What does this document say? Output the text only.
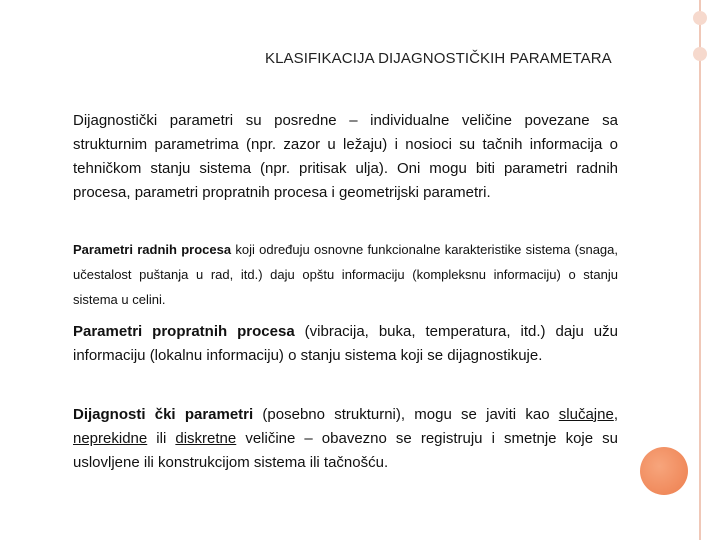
KLASIFIKACIJA DIJAGNOSTIČKIH PARAMETARA

Dijagnostički parametri su posredne – individualne veličine povezane sa strukturnim parametrima (npr. zazor u ležaju) i nosioci su tačnih informacija o tehničkom stanju sistema (npr. pritisak ulja). Oni mogu biti parametri radnih procesa, parametri propratnih procesa i geometrijski parametri.

Parametri radnih procesa koji određuju osnovne funkcionalne karakteristike sistema (snaga, učestalost puštanja u rad, itd.) daju opštu informaciju (kompleksnu informaciju) o stanju sistema u celini.

Parametri propratnih procesa (vibracija, buka, temperatura, itd.) daju užu informaciju (lokalnu informaciju) o stanju sistema koji se dijagnostikuje.

Dijagnosti čki parametri (posebno strukturni), mogu se javiti kao slučajne, neprekidne ili diskretne veličine – obavezno se registruju i smetnje koje su uslovljene ili konstrukcijom sistema ili tačnošću.
